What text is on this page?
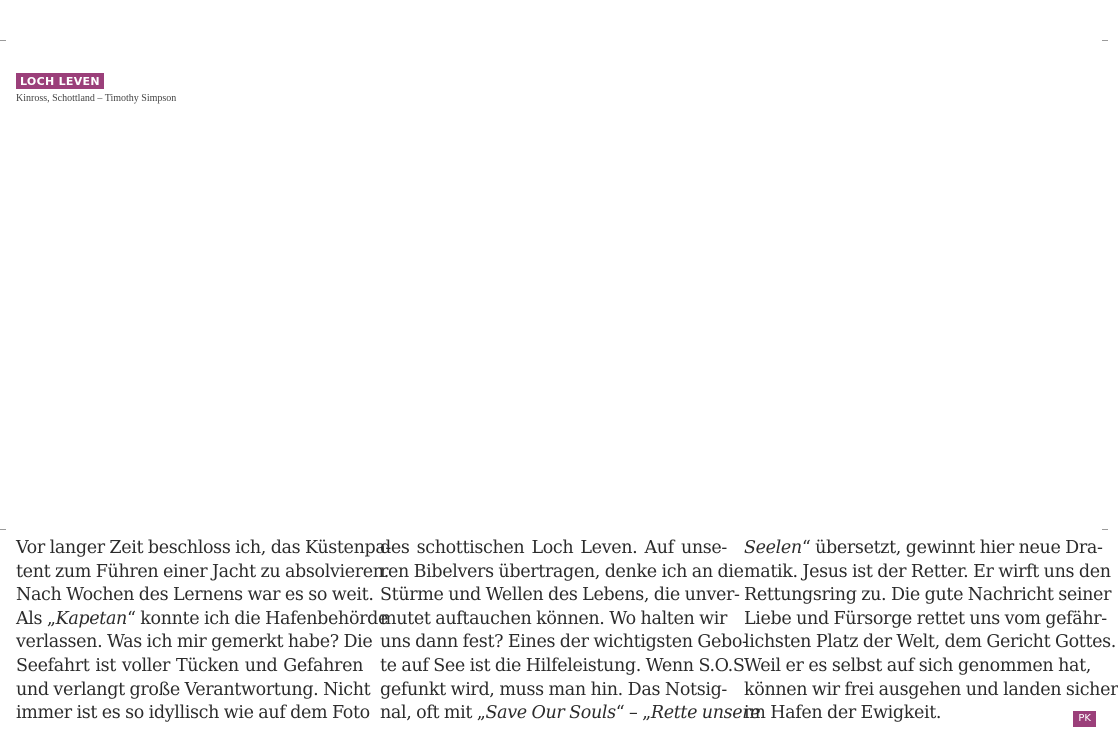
LOCH LEVEN
Kinross, Schottland – Timothy Simpson
Vor langer Zeit beschloss ich, das Küstenpa-
tent zum Führen einer Jacht zu absolvieren.
Nach Wochen des Lernens war es so weit.
Als „Kapetan“ konnte ich die Hafenbehörde
verlassen. Was ich mir gemerkt habe? Die
Seefahrt ist voller Tücken und Gefahren
und verlangt große Verantwortung. Nicht
immer ist es so idyllisch wie auf dem Foto
des schottischen Loch Leven. Auf unse-
ren Bibelvers übertragen, denke ich an die
Stürme und Wellen des Lebens, die unver-
mutet auftauchen können. Wo halten wir
uns dann fest? Eines der wichtigsten Gebo-
te auf See ist die Hilfeleistung. Wenn S.O.S
gefunkt wird, muss man hin. Das Notsig-
nal, oft mit „Save Our Souls“ – „Rette unsere
Seelen“ übersetzt, gewinnt hier neue Dra-
matik. Jesus ist der Retter. Er wirft uns den
Rettungsring zu. Die gute Nachricht seiner
Liebe und Fürsorge rettet uns vom gefähr-
lichsten Platz der Welt, dem Gericht Gottes.
Weil er es selbst auf sich genommen hat,
können wir frei ausgehen und landen sicher
im Hafen der Ewigkeit.	PK
